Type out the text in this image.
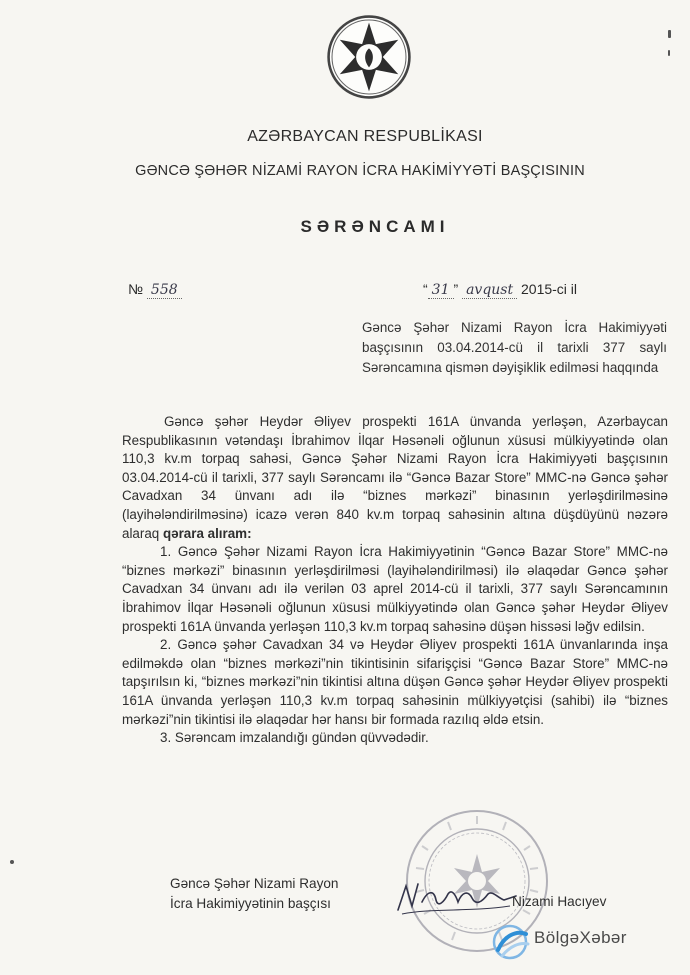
AZƏRBAYCAN RESPUBLİKASI
GƏNCƏ ŞƏHƏR NİZAMİ RAYON İCRA HAKİMİYYƏTİ BAŞÇISININ
SƏRƏNCAMI
№ 558	“ 31 ” avqust 2015-ci il
Gəncə Şəhər Nizami Rayon İcra Hakimiyyəti başçısının 03.04.2014-cü il tarixli 377 saylı Sərəncamına qismən dəyişiklik edilməsi haqqında

Gəncə şəhər Heydər Əliyev prospekti 161A ünvanda yerləşən, Azərbaycan Respublikasının vətəndaşı İbrahimov İlqar Həsənəli oğlunun xüsusi mülkiyyətində olan 110,3 kv.m torpaq sahəsi, Gəncə Şəhər Nizami Rayon İcra Hakimiyyəti başçısının 03.04.2014-cü il tarixli, 377 saylı Sərəncamı ilə “Gəncə Bazar Store” MMC-nə Gəncə şəhər Cavadxan 34 ünvanı adı ilə “biznes mərkəzi” binasının yerləşdirilməsinə (layihələndirilməsinə) icazə verən 840 kv.m torpaq sahəsinin altına düşdüyünü nəzərə alaraq qərara alıram:

1. Gəncə Şəhər Nizami Rayon İcra Hakimiyyətinin “Gəncə Bazar Store” MMC-nə “biznes mərkəzi” binasının yerləşdirilməsi (layihələndirilməsi) ilə əlaqədar Gəncə şəhər Cavadxan 34 ünvanı adı ilə verilən 03 aprel 2014-cü il tarixli, 377 saylı Sərəncamının İbrahimov İlqar Həsənəli oğlunun xüsusi mülkiyyətində olan Gəncə şəhər Heydər Əliyev prospekti 161A ünvanda yerləşən 110,3 kv.m torpaq sahəsinə düşən hissəsi ləğv edilsin.

2. Gəncə şəhər Cavadxan 34 və Heydər Əliyev prospekti 161A ünvanlarında inşa edilməkdə olan “biznes mərkəzi”nin tikintisinin sifarişçisi “Gəncə Bazar Store” MMC-nə tapşırılsın ki, “biznes mərkəzi”nin tikintisi altına düşən Gəncə şəhər Heydər Əliyev prospekti 161A ünvanda yerləşən 110,3 kv.m torpaq sahəsinin mülkiyyətçisi (sahibi) ilə “biznes mərkəzi”nin tikintisi ilə əlaqədar hər hansı bir formada razılıq əldə etsin.

3. Sərəncam imzalandığı gündən qüvvədədir.

Gəncə Şəhər Nizami Rayon
İcra Hakimiyyətinin başçısı	Nizami Hacıyev
BölgəXəbər
